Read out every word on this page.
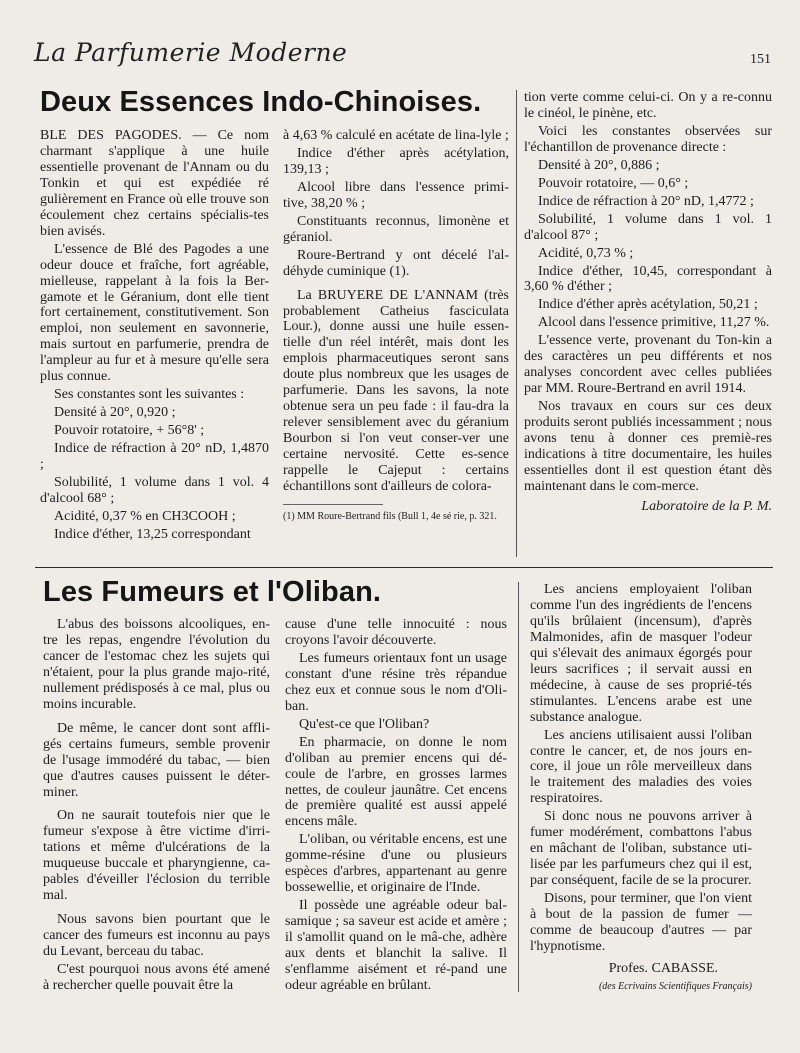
La Parfumerie Moderne	151
Deux Essences Indo-Chinoises.

BLE DES PAGODES. — Ce nom charmant s'applique à une huile essentielle provenant de l'Annam ou du Tonkin et qui est expédiée ré gulièrement en France où elle trouve son écoulement chez certains spécialis-tes bien avisés.

L'essence de Blé des Pagodes a une odeur douce et fraîche, fort agréable, mielleuse, rappelant à la fois la Ber-gamote et le Géranium, dont elle tient fort certainement, constitutivement. Son emploi, non seulement en savonnerie, mais surtout en parfumerie, prendra de l'ampleur au fur et à mesure qu'elle sera plus connue.

Ses constantes sont les suivantes :

Densité à 20°, 0,920 ;

Pouvoir rotatoire, + 56°8' ;

Indice de réfraction à 20° nD, 1,4870 ;

Solubilité, 1 volume dans 1 vol. 4 d'alcool 68° ;

Acidité, 0,37 % en CH3COOH ;

Indice d'éther, 13,25 correspondant

à 4,63 % calculé en acétate de lina-lyle ;

Indice d'éther après acétylation, 139,13 ;

Alcool libre dans l'essence primi-tive, 38,20 % ;

Constituants reconnus, limonène et géraniol.

Roure-Bertrand y ont décelé l'al-déhyde cuminique (1).

La BRUYERE DE L'ANNAM (très probablement Catheius fasciculata Lour.), donne aussi une huile essen-tielle d'un réel intérêt, mais dont les emplois pharmaceutiques seront sans doute plus nombreux que les usages de parfumerie. Dans les savons, la note obtenue sera un peu fade : il fau-dra la relever sensiblement avec du géranium Bourbon si l'on veut conser-ver une certaine nervosité. Cette es-sence rappelle le Cajeput : certains échantillons sont d'ailleurs de colora-

(1) MM Roure-Bertrand fils (Bull 1, 4e sé rie, p. 321.

tion verte comme celui-ci. On y a re-connu le cinéol, le pinène, etc.

Voici les constantes observées sur l'échantillon de provenance directe :

Densité à 20°, 0,886 ;

Pouvoir rotatoire, — 0,6° ;

Indice de réfraction à 20° nD, 1,4772 ;

Solubilité, 1 volume dans 1 vol. 1 d'alcool 87° ;

Acidité, 0,73 % ;

Indice d'éther, 10,45, correspondant à 3,60 % d'éther ;

Indice d'éther après acétylation, 50,21 ;

Alcool dans l'essence primitive, 11,27 %.

L'essence verte, provenant du Ton-kin a des caractères un peu différents et nos analyses concordent avec celles publiées par MM. Roure-Bertrand en avril 1914.

Nos travaux en cours sur ces deux produits seront publiés incessamment ; nous avons tenu à donner ces premiè-res indications à titre documentaire, les huiles essentielles dont il est question étant dès maintenant dans le com-merce.

Laboratoire de la P. M.
Les Fumeurs et l'Oliban.

L'abus des boissons alcooliques, en-tre les repas, engendre l'évolution du cancer de l'estomac chez les sujets qui n'étaient, pour la plus grande majo-rité, nullement prédisposés à ce mal, plus ou moins incurable.

De même, le cancer dont sont affli-gés certains fumeurs, semble provenir de l'usage immodéré du tabac, — bien que d'autres causes puissent le déter-miner.

On ne saurait toutefois nier que le fumeur s'expose à être victime d'irri-tations et même d'ulcérations de la muqueuse buccale et pharyngienne, ca-pables d'éveiller l'éclosion du terrible mal.

Nous savons bien pourtant que le cancer des fumeurs est inconnu au pays du Levant, berceau du tabac.

C'est pourquoi nous avons été amené à rechercher quelle pouvait être la

cause d'une telle innocuité : nous croyons l'avoir découverte.

Les fumeurs orientaux font un usage constant d'une résine très répandue chez eux et connue sous le nom d'Oli-ban.

Qu'est-ce que l'Oliban?

En pharmacie, on donne le nom d'oliban au premier encens qui dé-coule de l'arbre, en grosses larmes nettes, de couleur jaunâtre. Cet encens de première qualité est aussi appelé encens mâle.

L'oliban, ou véritable encens, est une gomme-résine d'une ou plusieurs espèces d'arbres, appartenant au genre bossewellie, et originaire de l'Inde.

Il possède une agréable odeur bal-samique ; sa saveur est acide et amère ; il s'amollit quand on le mâ-che, adhère aux dents et blanchit la salive. Il s'enflamme aisément et ré-pand une odeur agréable en brûlant.

Les anciens employaient l'oliban comme l'un des ingrédients de l'encens qu'ils brûlaient (incensum), d'après Malmonides, afin de masquer l'odeur qui s'élevait des animaux égorgés pour leurs sacrifices ; il servait aussi en médecine, à cause de ses proprié-tés stimulantes. L'encens arabe est une substance analogue.

Les anciens utilisaient aussi l'oliban contre le cancer, et, de nos jours en-core, il joue un rôle merveilleux dans le traitement des maladies des voies respiratoires.

Si donc nous ne pouvons arriver à fumer modérément, combattons l'abus en mâchant de l'oliban, substance uti-lisée par les parfumeurs chez qui il est, par conséquent, facile de se la procurer.

Disons, pour terminer, que l'on vient à bout de la passion de fumer — comme de beaucoup d'autres — par l'hypnotisme.

Profes. CABASSE.
(des Ecrivains Scientifiques Français)
